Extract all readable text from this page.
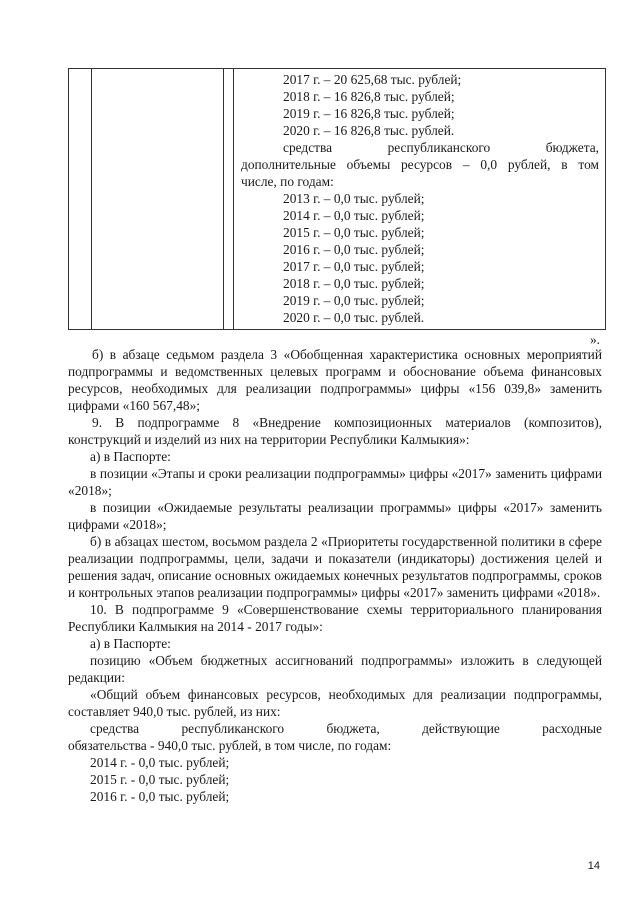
2017 г. – 20 625,68 тыс. рублей;
2018 г. – 16 826,8 тыс. рублей;
2019 г. – 16 826,8 тыс. рублей;
2020 г. – 16 826,8 тыс. рублей.
средства республиканского бюджета,
дополнительные объемы ресурсов – 0,0 рублей, в том
числе, по годам:
2013 г. – 0,0 тыс. рублей;
2014 г. – 0,0 тыс. рублей;
2015 г. – 0,0 тыс. рублей;
2016 г. – 0,0 тыс. рублей;
2017 г. – 0,0 тыс. рублей;
2018 г. – 0,0 тыс. рублей;
2019 г. – 0,0 тыс. рублей;
2020 г. – 0,0 тыс. рублей.
».

б) в абзаце седьмом раздела 3 «Обобщенная характеристика основных мероприятий подпрограммы и ведомственных целевых программ и обоснование объема финансовых ресурсов, необходимых для реализации подпрограммы» цифры «156 039,8» заменить цифрами «160 567,48»;

9. В подпрограмме 8 «Внедрение композиционных материалов (композитов), конструкций и изделий из них на территории Республики Калмыкия»:

а) в Паспорте:

в позиции «Этапы и сроки реализации подпрограммы» цифры «2017» заменить цифрами «2018»;

в позиции «Ожидаемые результаты реализации программы» цифры «2017» заменить цифрами «2018»;

б) в абзацах шестом, восьмом раздела 2 «Приоритеты государственной политики в сфере реализации подпрограммы, цели, задачи и показатели (индикаторы) достижения целей и решения задач, описание основных ожидаемых конечных результатов подпрограммы, сроков и контрольных этапов реализации подпрограммы» цифры «2017» заменить цифрами «2018».

10. В подпрограмме 9 «Совершенствование схемы территориального планирования Республики Калмыкия на 2014 - 2017 годы»:

а) в Паспорте:

позицию «Объем бюджетных ассигнований подпрограммы» изложить в следующей редакции:

«Общий объем финансовых ресурсов, необходимых для реализации подпрограммы, составляет 940,0 тыс. рублей, из них:

средства республиканского бюджета, действующие расходные
обязательства - 940,0 тыс. рублей, в том числе, по годам:
2014 г. - 0,0 тыс. рублей;
2015 г. - 0,0 тыс. рублей;
2016 г. - 0,0 тыс. рублей;
14
